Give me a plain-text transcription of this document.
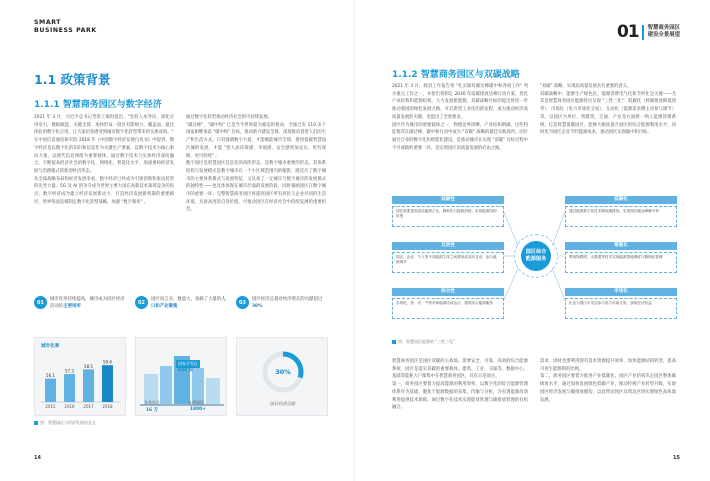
SMART
BUSINESS PARK
1.1 政策背景
1.1.1 智慧商务园区与数字经济
2021 年 3 月，习近平总书记考察上海时提出，"坚持人本导向，深化应用牵引，数据赋能、关键支撑、加快形成一批具有影响力、覆盖面、最佳体验的数字化应用，让大家切身感受到城市数字化转型带来的实惠成效。"
在中国信息通信研究院 2018 年《中国数字经济发展白皮书》中提到，数字经济是以数字化的知识和信息作为关键生产要素，以数字技术为核心驱动力量，以现代信息网络为重要载体，通过数字技术与实体经济深度融合，不断提高经济社会的数字化、网络化、智能化水平，加速重构经济发展与治理模式的新型经济形态。
从全球战略布局和经济发展来看，数字经济已经成为引领创新和驱动转型的先导力量。5G 及 AI 的争夺成为世界主要大国在高新技术领域竞争的焦点；数字经济成为建立经济发展新动力、打造经济发展新机制的重要路径，世界各国竞相制定数字化转型战略，加速 "数字频率" 。
通过数字化转型推动经济社会的可持续发展。
"碳达峰"、"碳中和" 已是当今世界最为紧迫的使命，全球已有 110 多个国家相继承诺 "碳中和" 目标，推动新兴建设全球、深刻推动着着人们的生产和生活方式。只有强调数字力量，才能赋能城市全域，推进低碳智慧园区城的发展，才能 "挖人居环境感、幸福感、安全感更加充实、更有保障、更可持续" 。
数字园区是智慧园区信息化的高阶形态，是数字城市重要的形态。其体系结构与发展模式是数字城市在一个小区域范围内的缩影，既反应了数字城市的主要体系模式与发展特征，又具备了一定城市与数字城市的发展模式的独特性——也具体体现在城市层面的发展阶段，同时兼顾园区在数字城市的重要一环。完整智慧商务园区将提高园区所有居民与企业共同的生活环境，具备高度的自身价值，可推动园区在经济社会中持续发展的重要机会。
01	城市化率持续提高，城市成为园区经济活动的主要场所
02	园区而言多，数量大，承载了大量的人口和产业聚集
03	园区经济总量对经济增长的贡献超过30%
城市化率
56.1
2015
57.3
2016
58.5
2017
59.6
2018
国家开发区
522 家
各类社区
16 万
各类园区
1800+
30%
园区经济贡献
图：智慧园区与经济发展的意义
14
01 智慧商务园区
建设全景展望
1.1.2 智慧商务园区与双碳战略
2021 年 3 月，政府工作报告将 "扎实做好碳达峰碳中和各项工作" 列为重点工作之一，并指出将制定 2030 年前碳排放达峰行动方案，优化产业结构和能源结构。大力发展新能源。双碳战略目标的提出将进一步推动我国的绿色发展之路，开启新型工业化的新征程，成为推动经济高质量发展的关键，也提出了全新要求。
园区作为城市的重要载体之一，物理边界清晰，产业结构明确，这些特征使其在碳达峰、碳中和行动中成为 "双碳" 战略的最佳实践场所。园区通过自身的数字化和智能化建设，是推动城市在实现 "双碳" 目标过程中不可或缺的重要一环，是实现园区高质量发展的必由之路。
"双碳" 战略，实现高质量发展具有重要的意义。
双碳战略中，能源生产绿色化、能源消费电气化和节约化是关键——尤其是智慧商务园区能源特点呈现 "三性三化"：低碳化（将碳排放降低到零）、市场化（电力市场化交易）、互动化（能源需求侧主动参与调节）等。以园区为单位，将建筑、交通、产业等方面统一纳入能源管理系统，打造智慧低碳园区，能够大幅度提升园区的综合能源利用水平，同时也为园区企业节约能源成本，推动园区实现碳中和目标。
图：智慧园区能源的 "三性三化"
智慧商务园区是园区双碳的主战场。需要安全、可靠、高效的综合能源系统，园区是落实双碳的重要载体。建筑、工业、交通等、数据中心、基础等能耗大户都集中在智慧商务园区，具有示范效应。
第一，商务园区要着力提高能源的利用效率，以数字化的综合能源管理体系作为基础，聚焦于能源数据的采集、传输与分析，为实现能源高效利用提供技术保障。通过数字化技术实现能效管理与碳排放管理的有机融合。
需求，同时也要利用现有技术资源提升效率，加快能源结构转型，提高可再生能源利用比例。
第二，商务园区要着力推进产业低碳化。园区产业结构决定园区整体碳排放水平，通过加快发展绿色低碳产业，推动传统产业转型升级，实现园区经济发展与碳排放脱钩，以此带动园区及周边区域实现绿色高质量发展。
15
低碳性
园区需要提高清洁能源占比，降低化石能源消耗，实现能源结构转型
互动性
园区、企业、个人等不同能源主体之间需形成双向互动，参与能源调节
综合性
实现电、热、冷、气等多种能源协同运行，提供综合能源服务
园区综合能源服务
低碳化
通过能源数字化技术降低碳排放，实现园区碳达峰碳中和
智能化
利用物联网、大数据等技术实现能源智能调度与精细化管理
市场化
企业与园区可灵活参与电力市场交易，获取经济收益
